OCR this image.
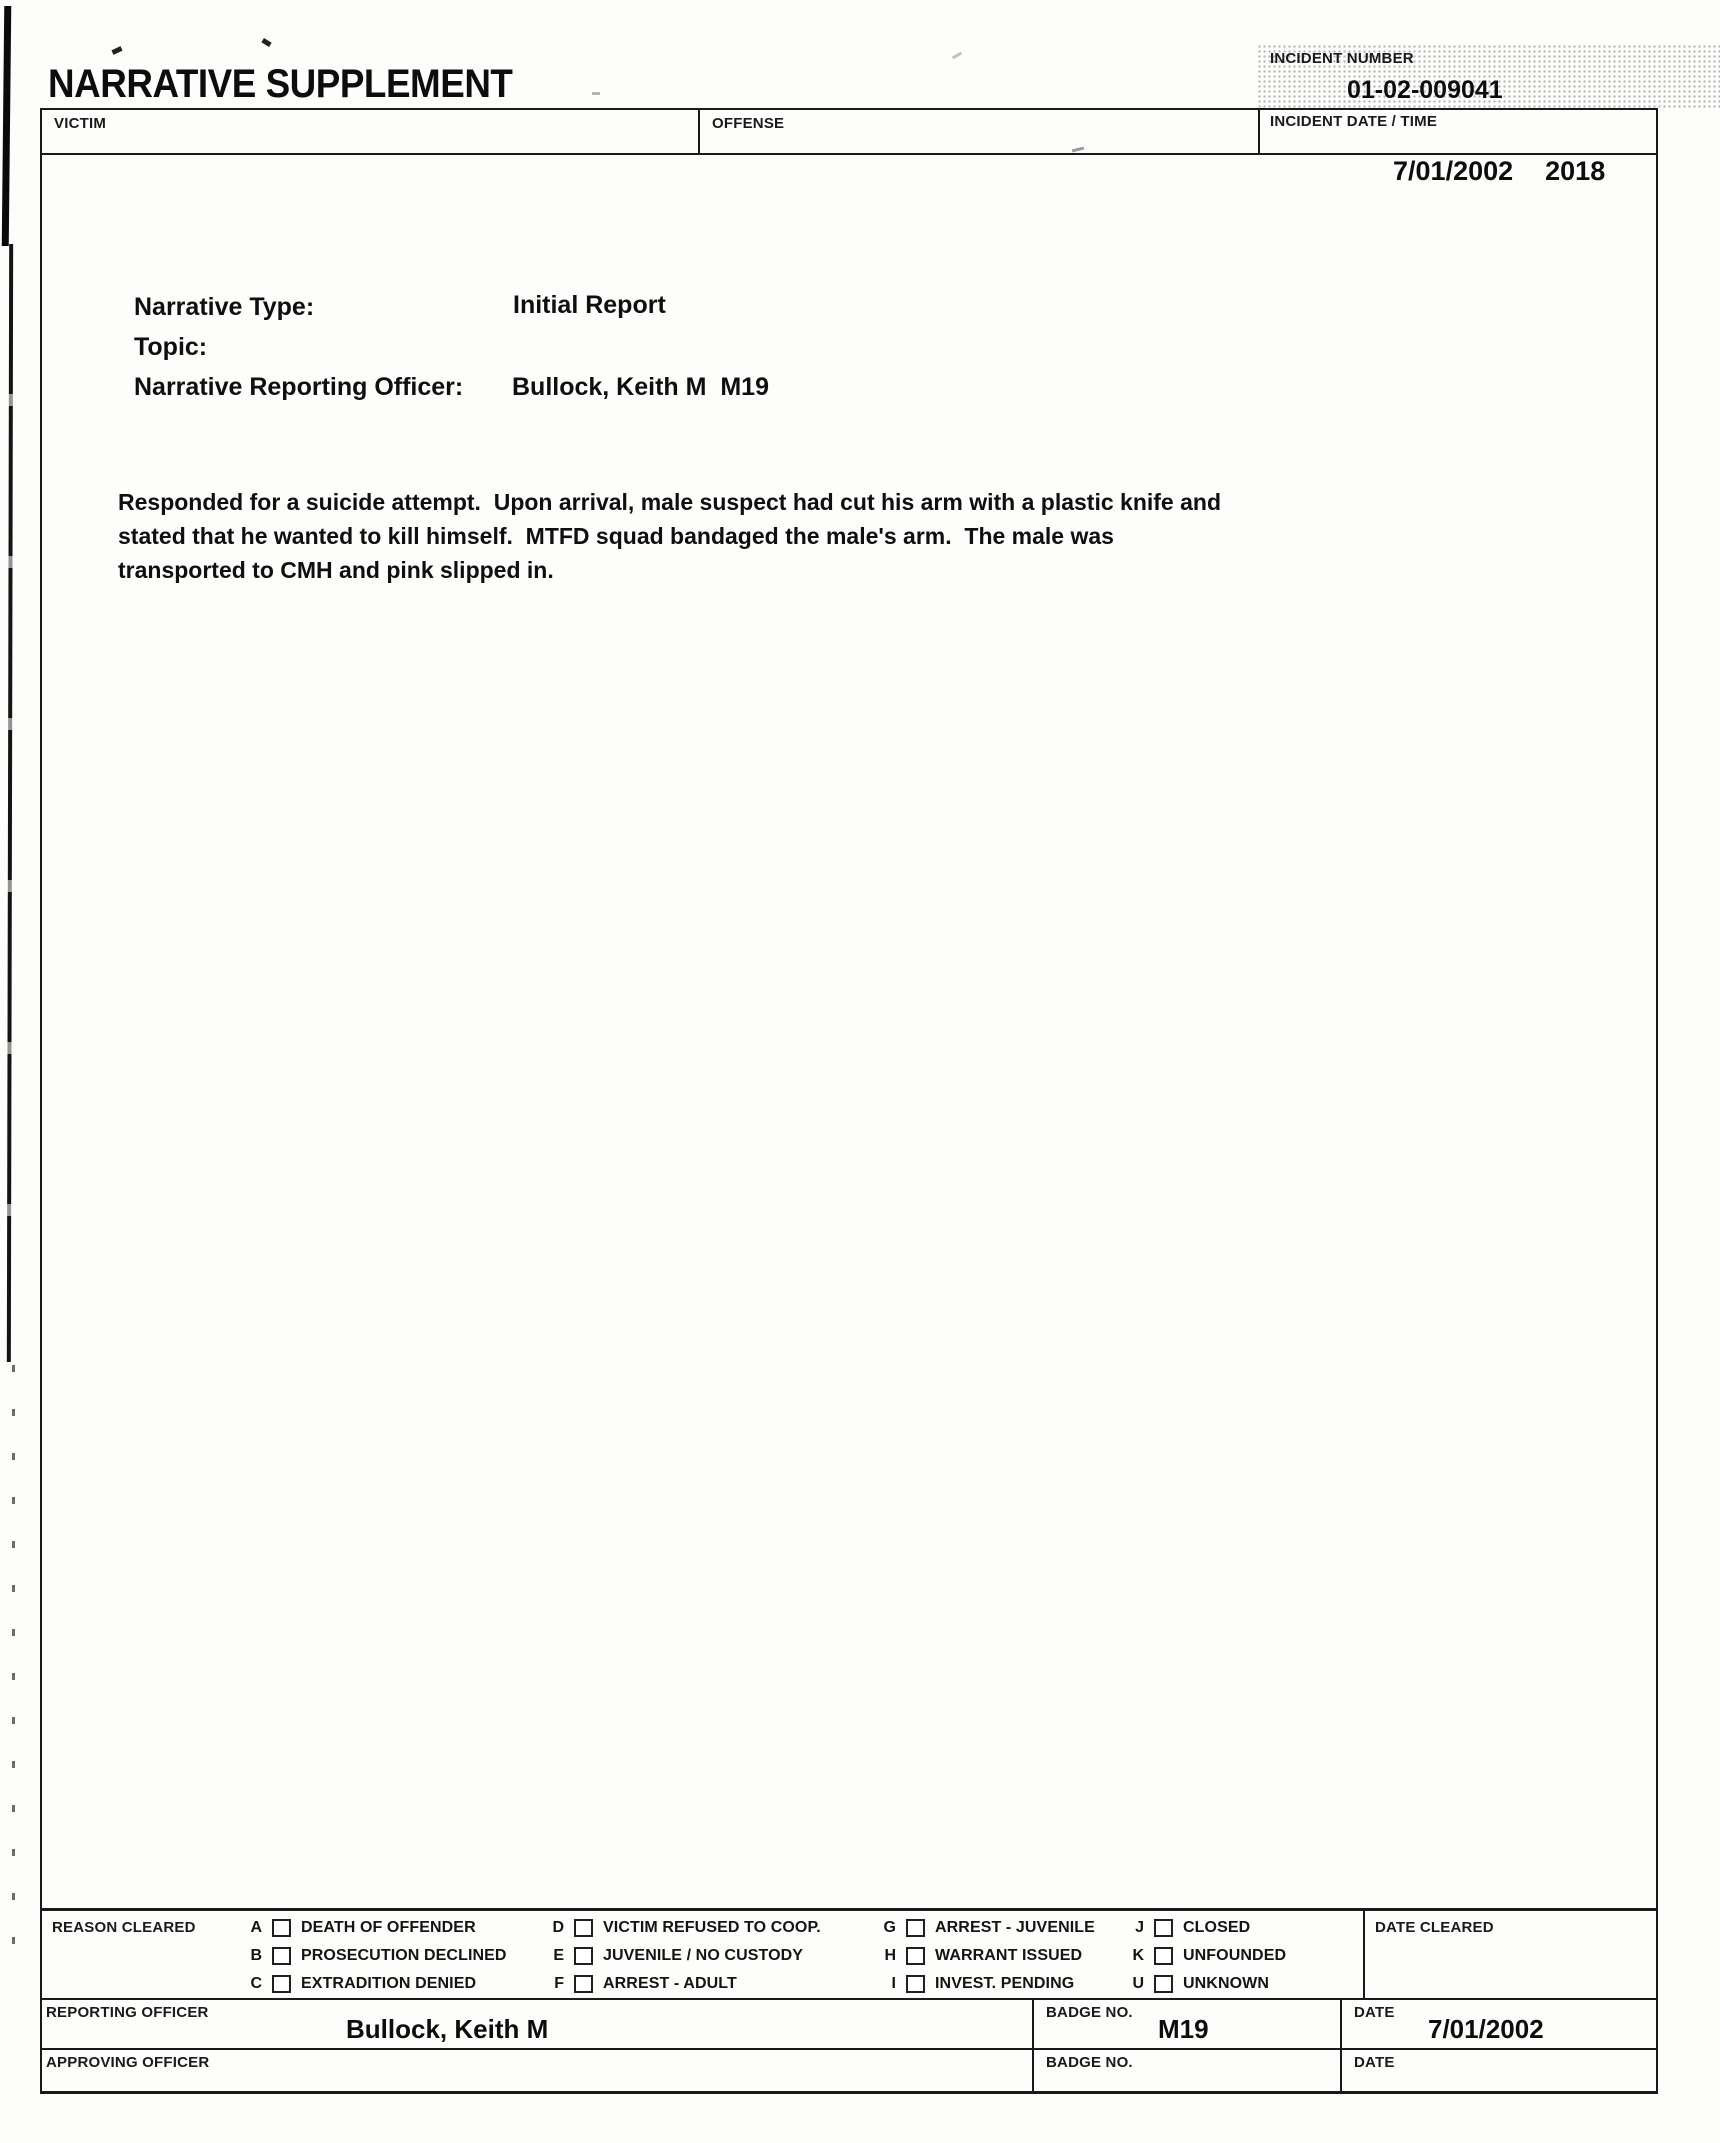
NARRATIVE SUPPLEMENT
INCIDENT NUMBER
01-02-009041
VICTIM	OFFENSE	INCIDENT DATE / TIME

7/01/2002 2018

Narrative Type:	Initial Report
Topic:
Narrative Reporting Officer: Bullock, Keith M  M19
Responded for a suicide attempt.  Upon arrival, male suspect had cut his arm with a plastic knife and
stated that he wanted to kill himself.  MTFD squad bandaged the male's arm.  The male was
transported to CMH and pink slipped in.
REASON CLEARED	DATE CLEARED
A DEATH OF OFFENDER
B PROSECUTION DECLINED
C EXTRADITION DENIED
D VICTIM REFUSED TO COOP.
E JUVENILE / NO CUSTODY
F ARREST - ADULT
G ARREST - JUVENILE
H WARRANT ISSUED
I INVEST. PENDING
J CLOSED
K UNFOUNDED
U UNKNOWN
REPORTING OFFICER
Bullock, Keith M
BADGE NO.
M19
DATE
7/01/2002
APPROVING OFFICER	BADGE NO.	DATE
